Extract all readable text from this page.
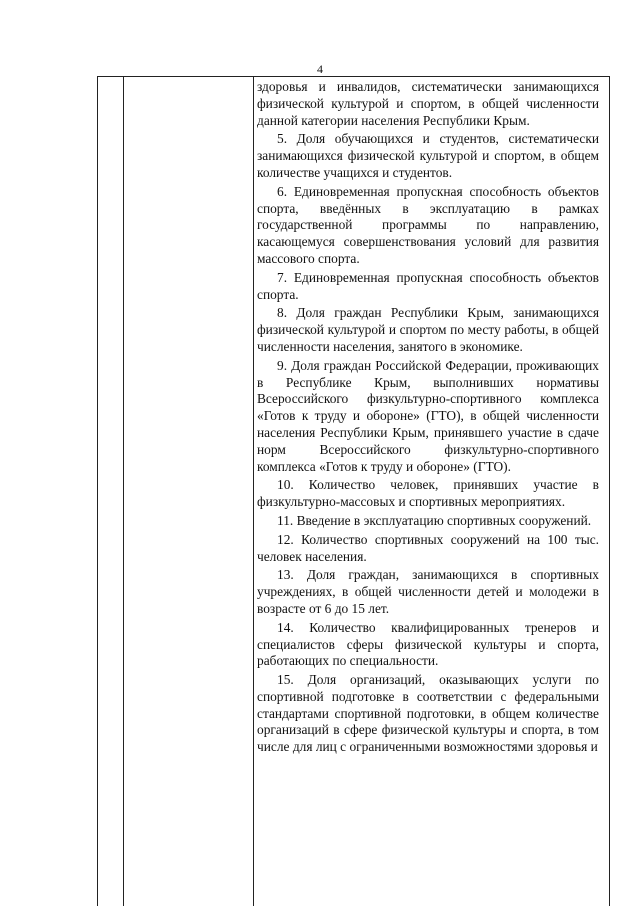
4

здоровья и инвалидов, систематически занимающихся физической культурой и спортом, в общей численности данной категории населения Республики Крым.

5. Доля обучающихся и студентов, систематически занимающихся физической культурой и спортом, в общем количестве учащихся и студентов.

6. Единовременная пропускная способность объектов спорта, введённых в эксплуатацию в рамках государственной программы по направлению, касающемуся совершенствования условий для развития массового спорта.

7. Единовременная пропускная способность объектов спорта.

8. Доля граждан Республики Крым, занимающихся физической культурой и спортом по месту работы, в общей численности населения, занятого в экономике.

9. Доля граждан Российской Федерации, проживающих в Республике Крым, выполнивших нормативы Всероссийского физкультурно-спортивного комплекса «Готов к труду и обороне» (ГТО), в общей численности населения Республики Крым, принявшего участие в сдаче норм Всероссийского физкультурно-спортивного комплекса «Готов к труду и обороне» (ГТО).

10. Количество человек, принявших участие в физкультурно-массовых и спортивных мероприятиях.

11. Введение в эксплуатацию спортивных сооружений.

12. Количество спортивных сооружений на 100 тыс. человек населения.

13. Доля граждан, занимающихся в спортивных учреждениях, в общей численности детей и молодежи в возрасте от 6 до 15 лет.

14. Количество квалифицированных тренеров и специалистов сферы физической культуры и спорта, работающих по специальности.

15. Доля организаций, оказывающих услуги по спортивной подготовке в соответствии с федеральными стандартами спортивной подготовки, в общем количестве организаций в сфере физической культуры и спорта, в том числе для лиц с ограниченными возможностями здоровья и
